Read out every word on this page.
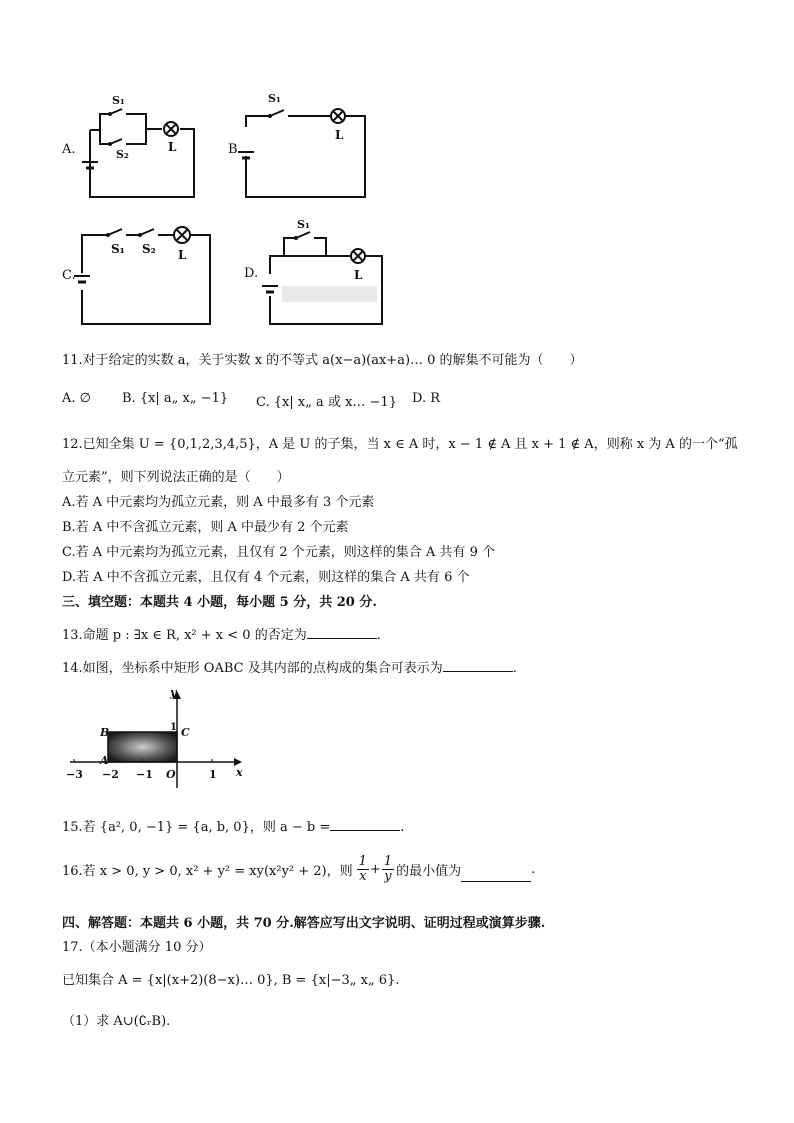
A.
S₁
S₂
L	B.
S₁
L
C.
S₁ S₂ L
D.
S₁
L
11.对于给定的实数 a，关于实数 x 的不等式 a(x−a)(ax+a)… 0 的解集不可能为（　　）
A. ∅ B. {x| a„ x„ −1} C. {x| x„ a 或 x… −1} D. R
12.已知全集 U = {0,1,2,3,4,5}，A 是 U 的子集，当 x ∈ A 时，x − 1 ∉ A 且 x + 1 ∉ A，则称 x 为 A 的一个“孤
立元素”，则下列说法正确的是（　　）
A.若 A 中元素均为孤立元素，则 A 中最多有 3 个元素
B.若 A 中不含孤立元素，则 A 中最少有 2 个元素
C.若 A 中元素均为孤立元素，且仅有 2 个元素，则这样的集合 A 共有 9 个
D.若 A 中不含孤立元素，且仅有 4 个元素，则这样的集合 A 共有 6 个
三、填空题：本题共 4 小题，每小题 5 分，共 20 分.
13.命题 p : ∃x ∈ R, x² + x < 0 的否定为	.
14.如图，坐标系中矩形 OABC 及其内部的点构成的集合可表示为	.
−3 −2 −1 O	1 x
y
1
B
A
C
15.若 {a², 0, −1} = {a, b, 0}，则 a − b =	.
16.若 x > 0, y > 0, x² + y² = xy(x²y² + 2)，则 $\frac{1}{x} + \frac{1}{y}$ 的最小值为	.
四、解答题：本题共 6 小题，共 70 分.解答应写出文字说明、证明过程或演算步骤.
17.（本小题满分 10 分）
已知集合 A = {x|(x+2)(8−x)… 0}, B = {x|−3„ x„ 6}.
（1）求 A∪(∁ᵣB).
